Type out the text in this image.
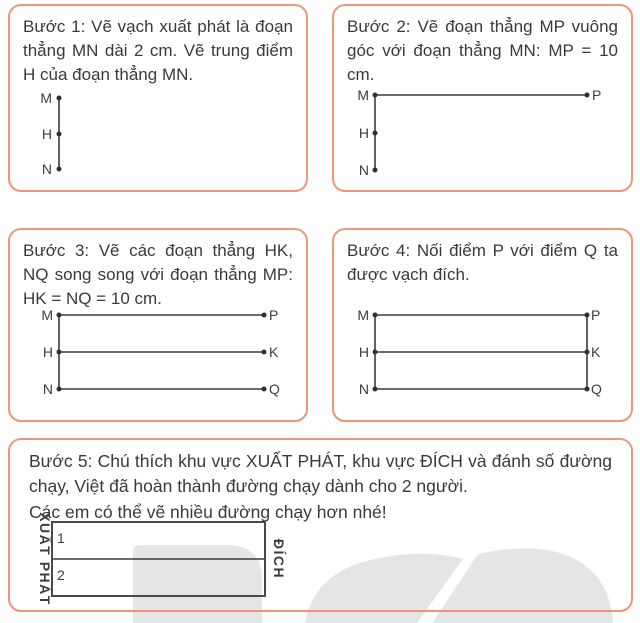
Bước 1: Vẽ vạch xuất phát là đoạn thẳng MN dài 2 cm. Vẽ trung điểm H của đoạn thẳng MN.

M
H
N

Bước 2: Vẽ đoạn thẳng MP vuông góc với đoạn thẳng MN: MP = 10 cm.

M
H
N
P

Bước 3: Vẽ các đoạn thẳng HK, NQ song song với đoạn thẳng MP: HK = NQ = 10 cm.

M
H
N
P
K
Q

Bước 4: Nối điểm P với điểm Q ta được vạch đích.

M
H
N
P
K
Q

Bước 5: Chú thích khu vực XUẤT PHÁT, khu vực ĐÍCH và đánh số đường chạy, Việt đã hoàn thành đường chạy dành cho 2 người.

Các em có thể vẽ nhiều đường chạy hơn nhé!

1
2
XUẤT PHÁT	ĐÍCH
